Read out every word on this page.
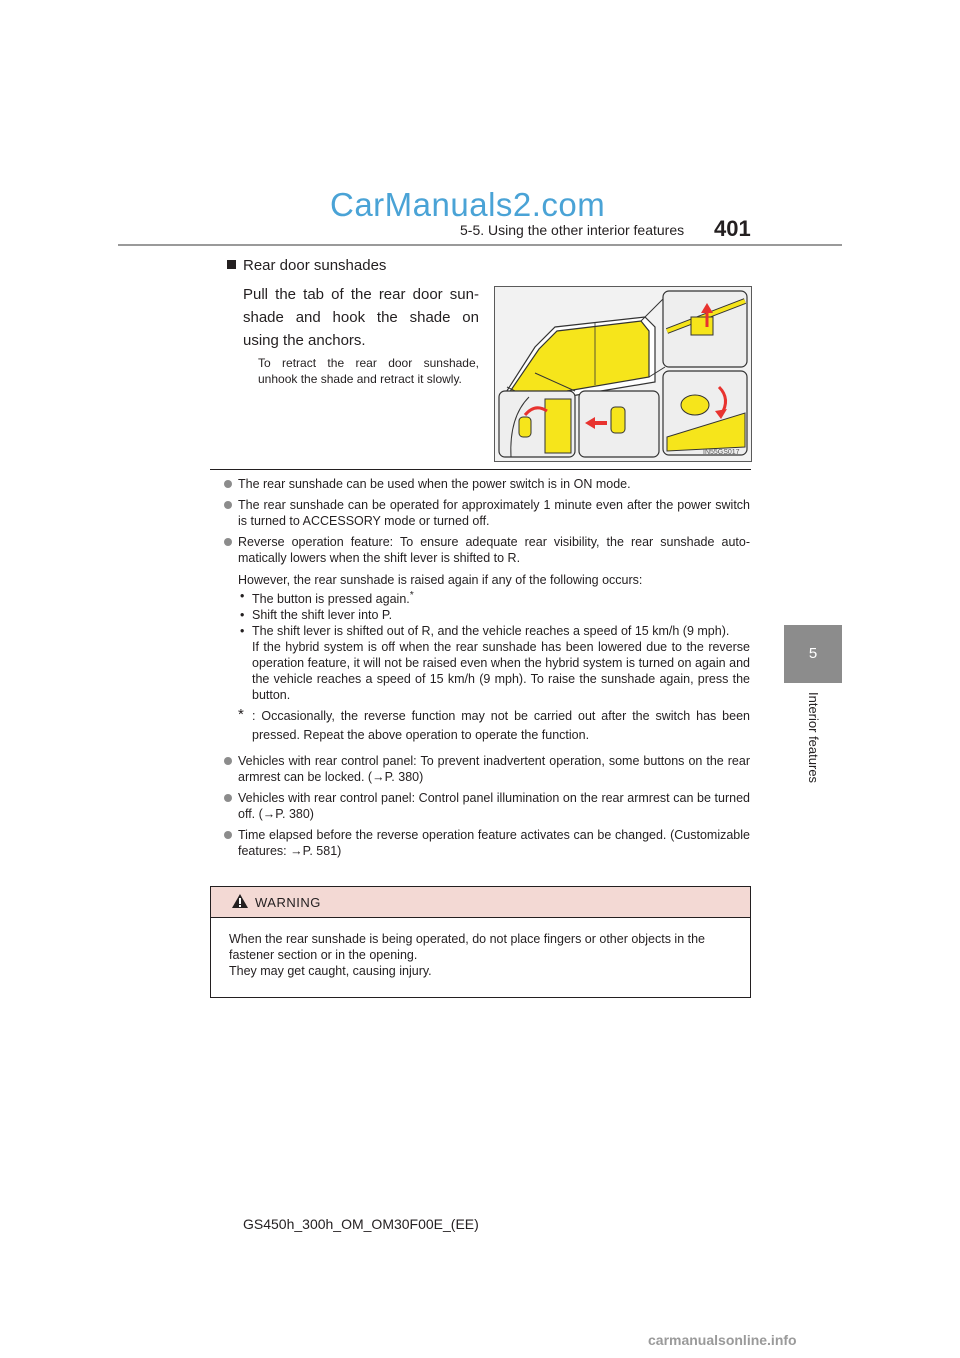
CarManuals2.com
5-5. Using the other interior features 401
5
Interior features
Rear door sunshades
Pull the tab of the rear door sun-shade and hook the shade on using the anchors.
To retract the rear door sunshade, unhook the shade and retract it slowly.
IN55GS017
The rear sunshade can be used when the power switch is in ON mode.
The rear sunshade can be operated for approximately 1 minute even after the power switch is turned to ACCESSORY mode or turned off.
Reverse operation feature: To ensure adequate rear visibility, the rear sunshade auto-matically lowers when the shift lever is shifted to R.
However, the rear sunshade is raised again if any of the following occurs:
• The button is pressed again.*
• Shift the shift lever into P.
• The shift lever is shifted out of R, and the vehicle reaches a speed of 15 km/h (9 mph).
If the hybrid system is off when the rear sunshade has been lowered due to the reverse operation feature, it will not be raised even when the hybrid system is turned on again and the vehicle reaches a speed of 15 km/h (9 mph). To raise the sunshade again, press the button.
* : Occasionally, the reverse function may not be carried out after the switch has been pressed. Repeat the above operation to operate the function.
Vehicles with rear control panel: To prevent inadvertent operation, some buttons on the rear armrest can be locked. (→P. 380)
Vehicles with rear control panel: Control panel illumination on the rear armrest can be turned off. (→P. 380)
Time elapsed before the reverse operation feature activates can be changed. (Customizable features: →P. 581)
WARNING
When the rear sunshade is being operated, do not place fingers or other objects in the fastener section or in the opening.
They may get caught, causing injury.
GS450h_300h_OM_OM30F00E_(EE)
carmanualsonline.info
